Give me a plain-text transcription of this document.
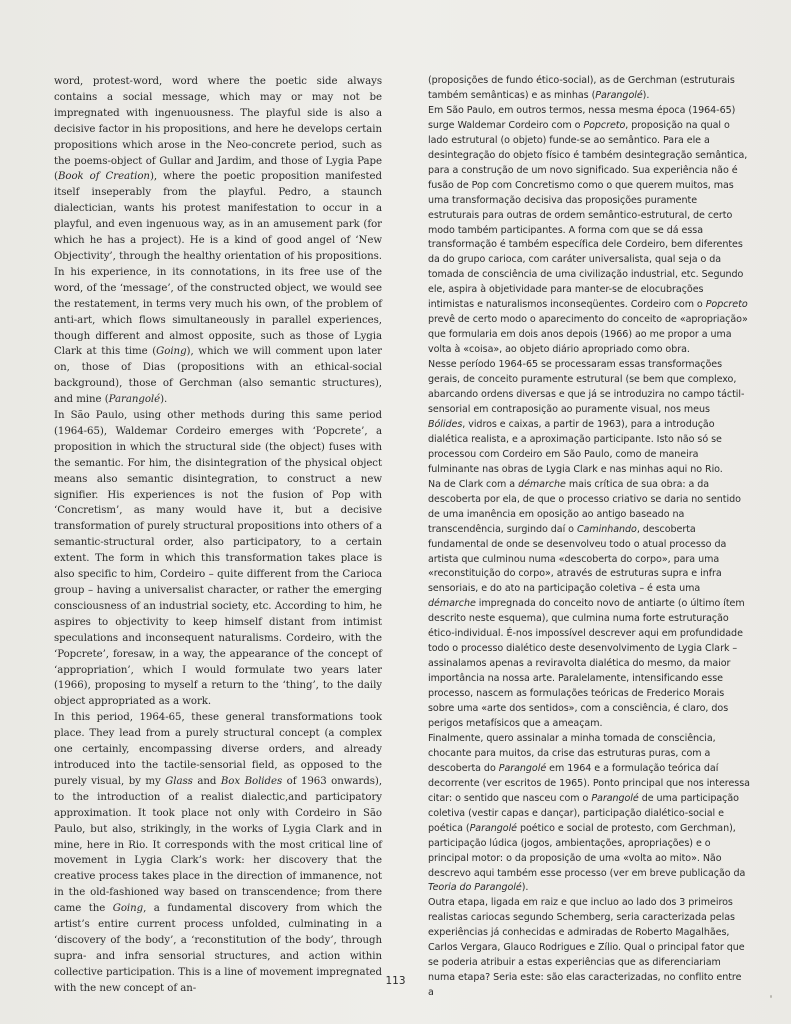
word, protest-word, word where the poetic side always contains a social message, which may or may not be impregnated with ingenuousness. The playful side is also a decisive factor in his propositions, and here he develops certain propositions which arose in the Neo-concrete period, such as the poems-object of Gullar and Jardim, and those of Lygia Pape (Book of Creation), where the poetic proposition manifested itself inseperably from the playful. Pedro, a staunch dialectician, wants his protest manifestation to occur in a playful, and even ingenuous way, as in an amusement park (for which he has a project). He is a kind of good angel of ‘New Objectivity’, through the healthy orientation of his propositions. In his experience, in its connotations, in its free use of the word, of the ‘message’, of the constructed object, we would see the restatement, in terms very much his own, of the problem of anti-art, which flows simultaneously in parallel experiences, though different and almost opposite, such as those of Lygia Clark at this time (Going), which we will comment upon later on, those of Dias (propositions with an ethical-social background), those of Gerchman (also semantic structures), and mine (Parangolé).

In São Paulo, using other methods during this same period (1964-65), Waldemar Cordeiro emerges with ‘Popcrete’, a proposition in which the structural side (the object) fuses with the semantic. For him, the disintegration of the physical object means also semantic disintegration, to construct a new signifier. His experiences is not the fusion of Pop with ‘Concretism’, as many would have it, but a decisive transformation of purely structural propositions into others of a semantic-structural order, also participatory, to a certain extent. The form in which this transformation takes place is also specific to him, Cordeiro – quite different from the Carioca group – having a universalist character, or rather the emerging consciousness of an industrial society, etc. According to him, he aspires to objectivity to keep himself distant from intimist speculations and inconsequent naturalisms. Cordeiro, with the ‘Popcrete’, foresaw, in a way, the appearance of the concept of ‘appropriation’, which I would formulate two years later (1966), proposing to myself a return to the ‘thing’, to the daily object appropriated as a work.

In this period, 1964-65, these general transformations took place. They lead from a purely structural concept (a complex one certainly, encompassing diverse orders, and already introduced into the tactile-sensorial field, as opposed to the purely visual, by my Glass and Box Bolides of 1963 onwards), to the introduction of a realist dialectic,and participatory approximation. It took place not only with Cordeiro in São Paulo, but also, strikingly, in the works of Lygia Clark and in mine, here in Rio. It corresponds with the most critical line of movement in Lygia Clark’s work: her discovery that the creative process takes place in the direction of immanence, not in the old-fashioned way based on transcendence; from there came the Going, a fundamental discovery from which the artist’s entire current process unfolded, culminating in a ‘discovery of the body’, a ‘reconstitution of the body’, through supra- and infra sensorial structures, and action within collective participation. This is a line of movement impregnated with the new concept of an-

(proposições de fundo ético-social), as de Gerchman (estruturais também semânticas) e as minhas (Parangolé).

Em São Paulo, em outros termos, nessa mesma época (1964-65) surge Waldemar Cordeiro com o Popcreto, proposição na qual o lado estrutural (o objeto) funde-se ao semântico. Para ele a desintegração do objeto físico é também desintegração semântica, para a construção de um novo significado. Sua experiência não é fusão de Pop com Concretismo como o que querem muitos, mas uma transformação decisiva das proposições puramente estruturais para outras de ordem semântico-estrutural, de certo modo também participantes. A forma com que se dá essa transformação é também específica dele Cordeiro, bem diferentes da do grupo carioca, com caráter universalista, qual seja o da tomada de consciência de uma civilização industrial, etc. Segundo ele, aspira à objetividade para manter-se de elocubrações intimistas e naturalismos inconseqüentes. Cordeiro com o Popcreto prevê de certo modo o aparecimento do conceito de «apropriação» que formularia em dois anos depois (1966) ao me propor a uma volta à «coisa», ao objeto diário apropriado como obra.

Nesse período 1964-65 se processaram essas transformações gerais, de conceito puramente estrutural (se bem que complexo, abarcando ordens diversas e que já se introduzira no campo táctil-sensorial em contraposição ao puramente visual, nos meus Bólides, vidros e caixas, a partir de 1963), para a introdução dialética realista, e a aproximação participante. Isto não só se processou com Cordeiro em São Paulo, como de maneira fulminante nas obras de Lygia Clark e nas minhas aqui no Rio.

Na de Clark com a démarche mais crítica de sua obra: a da descoberta por ela, de que o processo criativo se daria no sentido de uma imanência em oposição ao antigo baseado na transcendência, surgindo daí o Caminhando, descoberta fundamental de onde se desenvolveu todo o atual processo da artista que culminou numa «descoberta do corpo», para uma «reconstituição do corpo», através de estruturas supra e infra sensoriais, e do ato na participação coletiva – é esta uma démarche impregnada do conceito novo de antiarte (o último ítem descrito neste esquema), que culmina numa forte estruturação ético-individual. É-nos impossível descrever aqui em profundidade todo o processo dialético deste desenvolvimento de Lygia Clark – assinalamos apenas a reviravolta dialética do mesmo, da maior importância na nossa arte. Paralelamente, intensificando esse processo, nascem as formulações teóricas de Frederico Morais sobre uma «arte dos sentidos», com a consciência, é claro, dos perigos metafísicos que a ameaçam.

Finalmente, quero assinalar a minha tomada de consciência, chocante para muitos, da crise das estruturas puras, com a descoberta do Parangolé em 1964 e a formulação teórica daí decorrente (ver escritos de 1965). Ponto principal que nos interessa citar: o sentido que nasceu com o Parangolé de uma participação coletiva (vestir capas e dançar), participação dialético-social e poética (Parangolé poético e social de protesto, com Gerchman), participação lúdica (jogos, ambientações, apropriações) e o principal motor: o da proposição de uma «volta ao mito». Não descrevo aqui também esse processo (ver em breve publicação da Teoria do Parangolé).

Outra etapa, ligada em raiz e que incluo ao lado dos 3 primeiros realistas cariocas segundo Schemberg, seria caracterizada pelas experiências já conhecidas e admiradas de Roberto Magalhães, Carlos Vergara, Glauco Rodrigues e Zílio. Qual o principal fator que se poderia atribuir a estas experiências que as diferenciariam numa etapa? Seria este: são elas caracterizadas, no conflito entre a

113
